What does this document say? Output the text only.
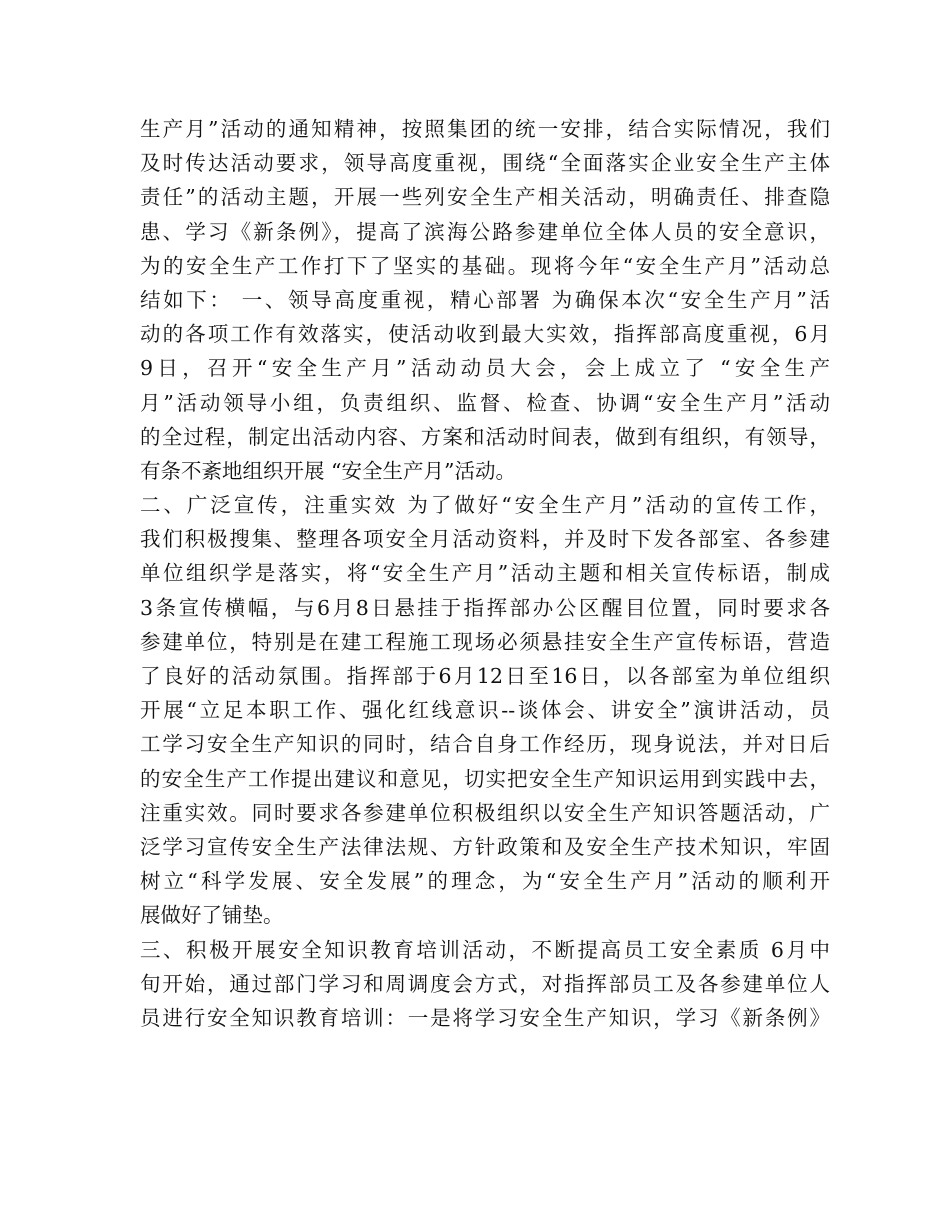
生产月”活动的通知精神，按照集团的统一安排，结合实际情况，我们
及时传达活动要求，领导高度重视，围绕“全面落实企业安全生产主体
责任”的活动主题，开展一些列安全生产相关活动，明确责任、排查隐
患、学习《新条例》，提高了滨海公路参建单位全体人员的安全意识，
为的安全生产工作打下了坚实的基础。现将今年“安全生产月”活动总
结如下： 一、领导高度重视，精心部署 为确保本次“安全生产月”活
动的各项工作有效落实，使活动收到最大实效，指挥部高度重视，6月
9日，召开“安全生产月”活动动员大会，会上成立了 “安全生产
月”活动领导小组，负责组织、监督、检查、协调“安全生产月”活动
的全过程，制定出活动内容、方案和活动时间表，做到有组织，有领导，
有条不紊地组织开展 “安全生产月”活动。
二、广泛宣传，注重实效 为了做好“安全生产月”活动的宣传工作，
我们积极搜集、整理各项安全月活动资料，并及时下发各部室、各参建
单位组织学是落实，将“安全生产月”活动主题和相关宣传标语，制成
3条宣传横幅，与6月8日悬挂于指挥部办公区醒目位置，同时要求各
参建单位，特别是在建工程施工现场必须悬挂安全生产宣传标语，营造
了良好的活动氛围。指挥部于6月12日至16日，以各部室为单位组织
开展“立足本职工作、强化红线意识--谈体会、讲安全”演讲活动，员
工学习安全生产知识的同时，结合自身工作经历，现身说法，并对日后
的安全生产工作提出建议和意见，切实把安全生产知识运用到实践中去，
注重实效。同时要求各参建单位积极组织以安全生产知识答题活动，广
泛学习宣传安全生产法律法规、方针政策和及安全生产技术知识，牢固
树立“科学发展、安全发展”的理念，为“安全生产月”活动的顺利开
展做好了铺垫。
三、积极开展安全知识教育培训活动，不断提高员工安全素质 6月中
旬开始，通过部门学习和周调度会方式，对指挥部员工及各参建单位人
员进行安全知识教育培训：一是将学习安全生产知识，学习《新条例》
